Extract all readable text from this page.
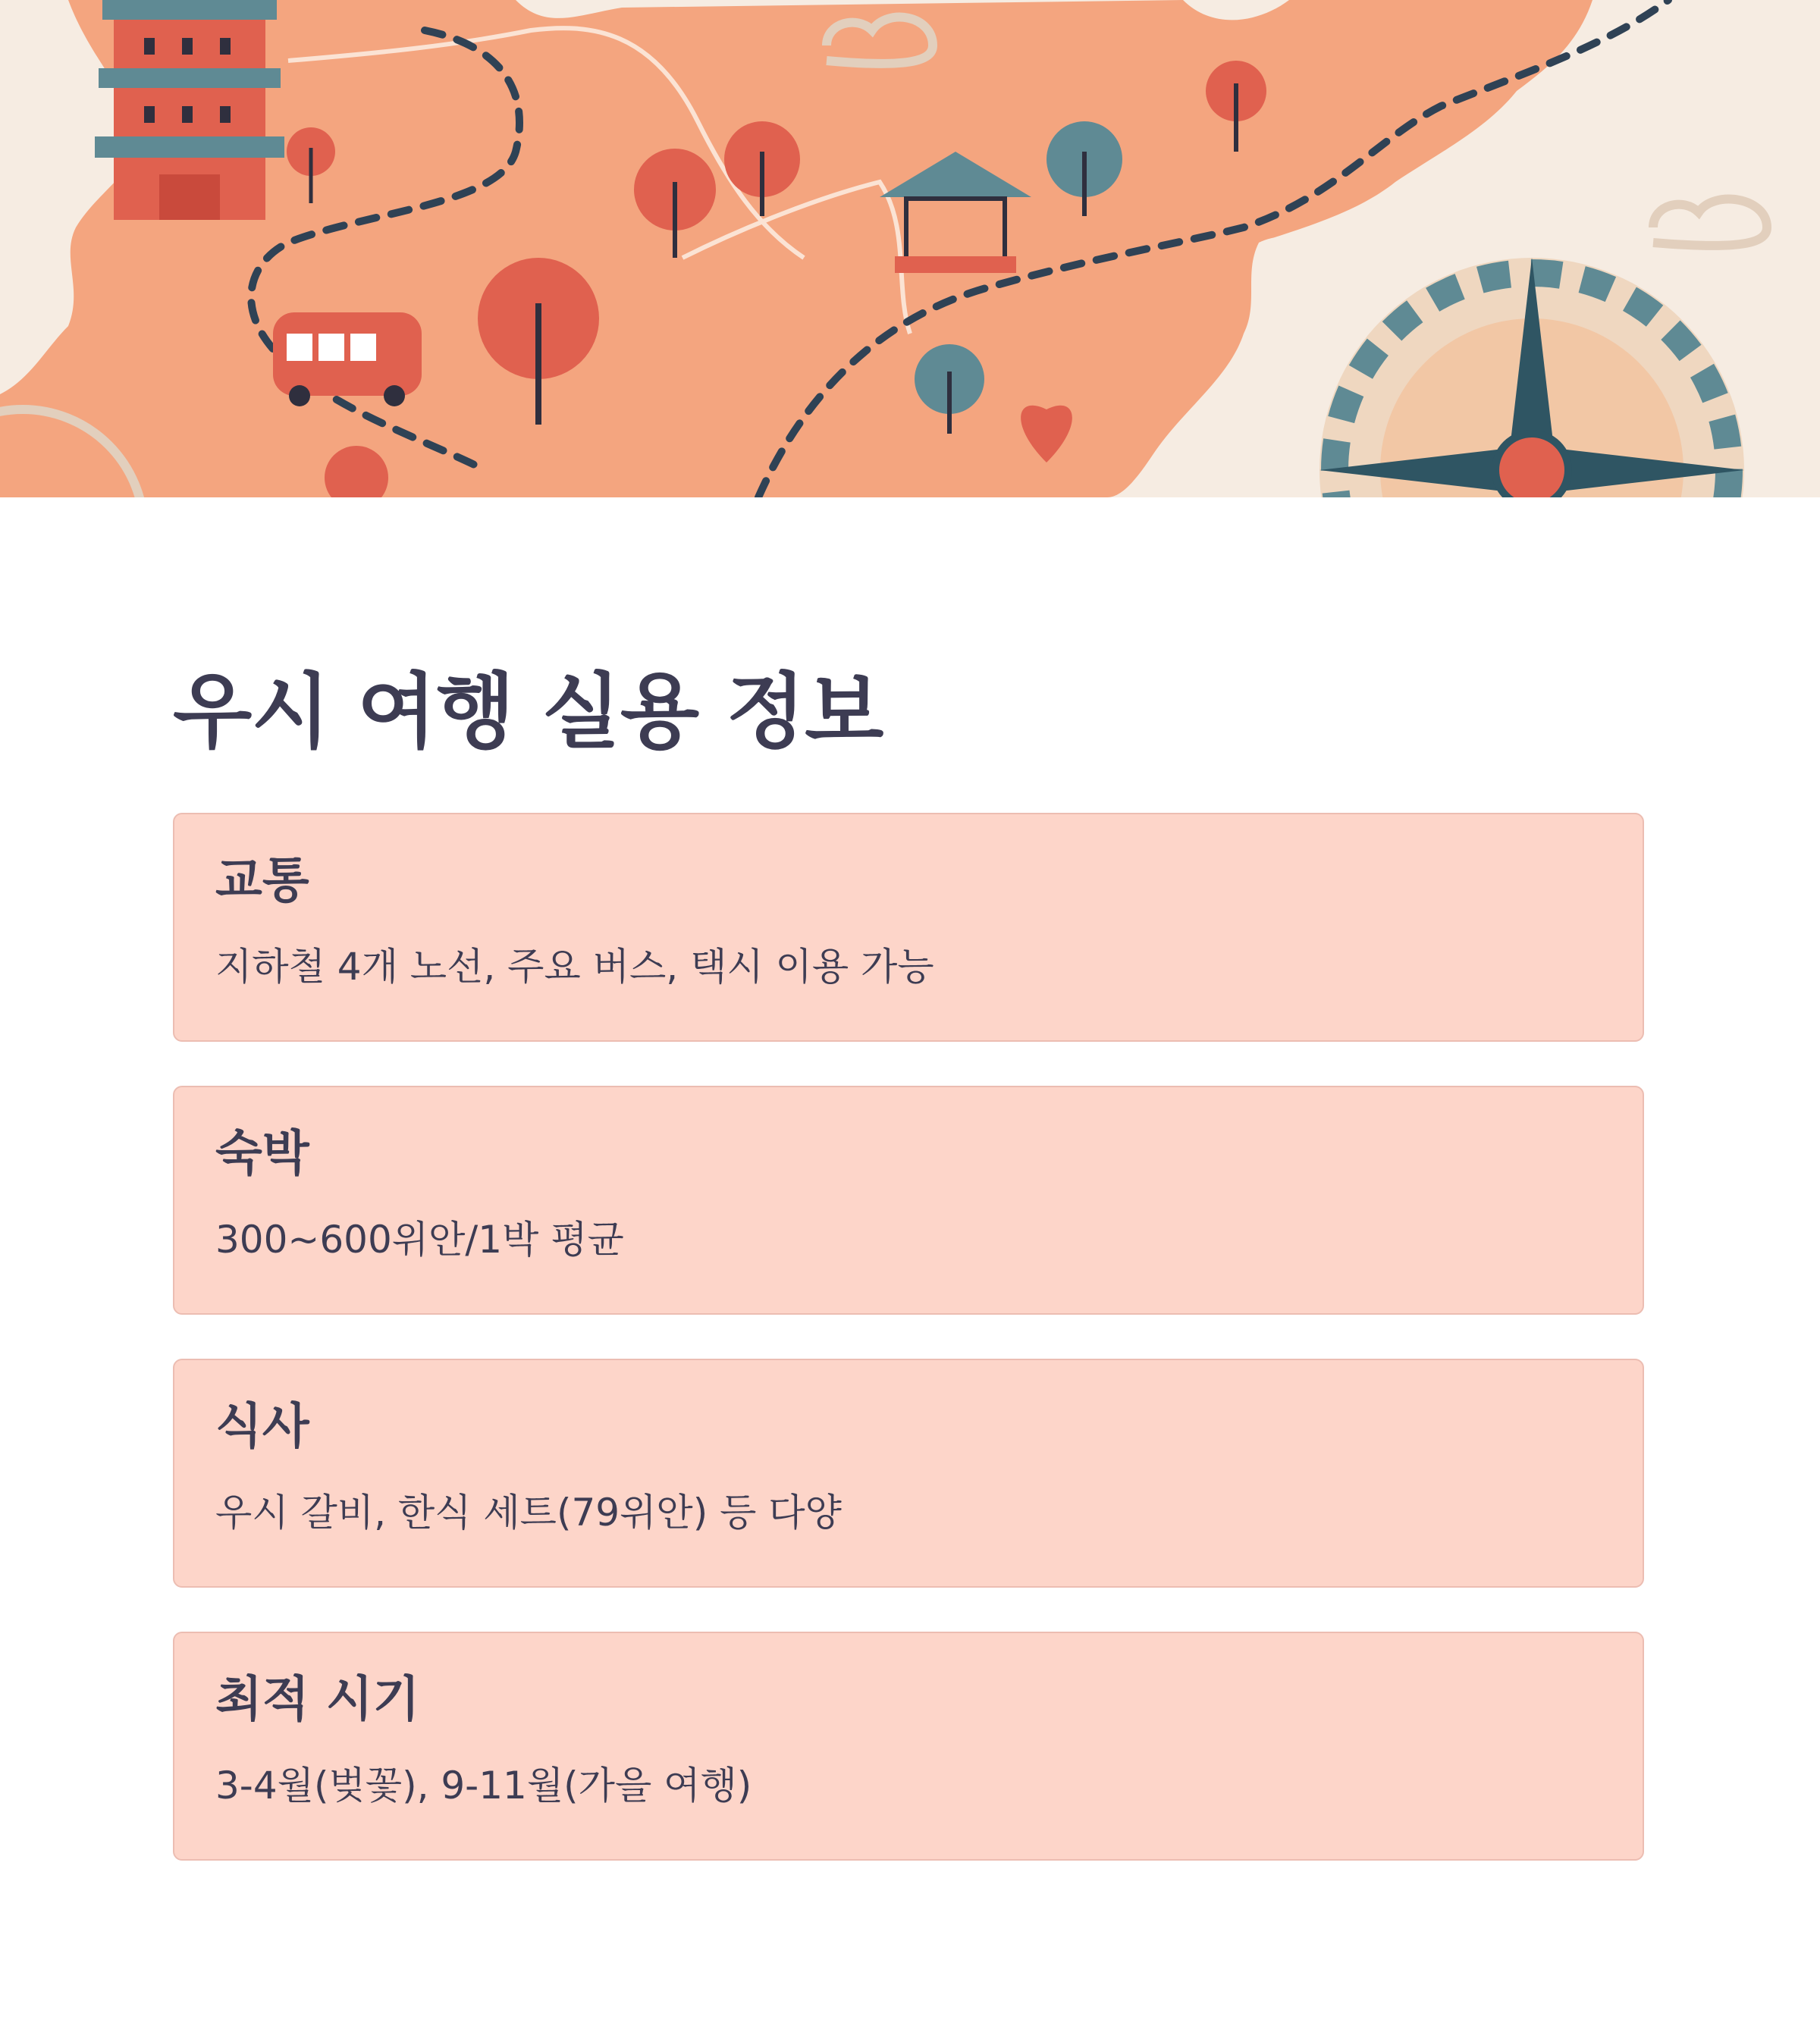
우시 여행 실용 정보
교통
지하철 4개 노선, 주요 버스, 택시 이용 가능
숙박
300~600위안/1박 평균
식사
우시 갈비, 한식 세트(79위안) 등 다양
최적 시기
3-4월(벚꽃), 9-11월(가을 여행)
